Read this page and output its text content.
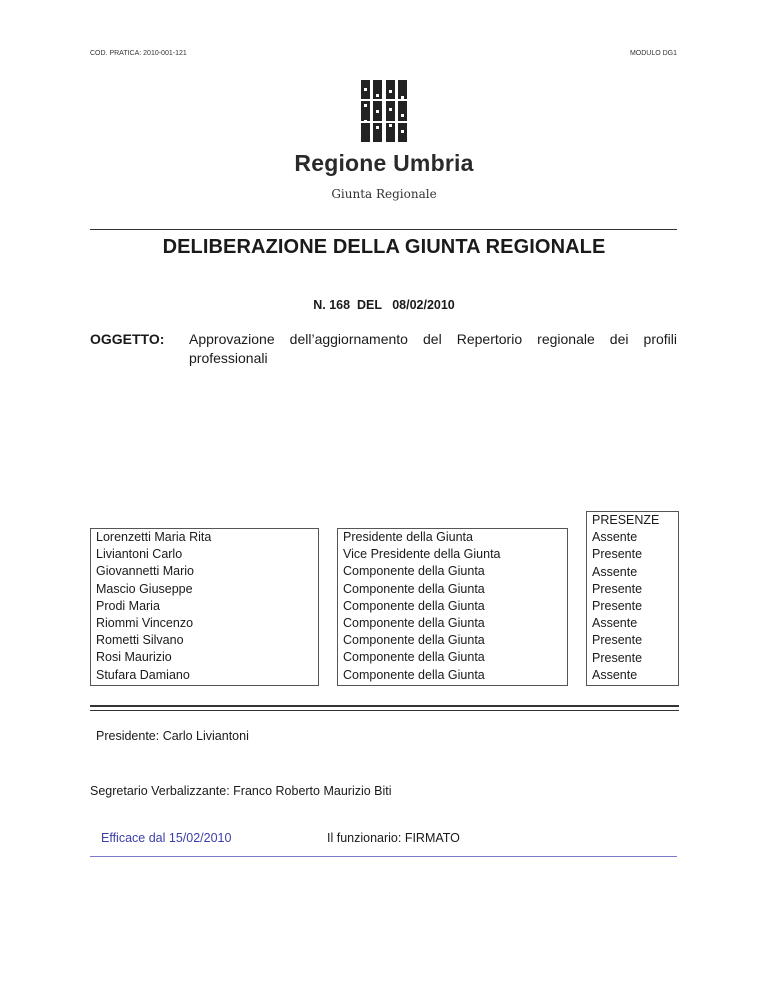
COD. PRATICA: 2010-001-121	MODULO DG1
Regione Umbria
Giunta Regionale
DELIBERAZIONE DELLA GIUNTA REGIONALE
N. 168  DEL   08/02/2010
OGGETTO: Approvazione dell’aggiornamento del Repertorio regionale dei profili
professionali
Lorenzetti Maria Rita
Liviantoni Carlo
Giovannetti Mario
Mascio Giuseppe
Prodi Maria
Riommi Vincenzo
Rometti Silvano
Rosi Maurizio
Stufara Damiano
Presidente della Giunta
Vice Presidente della Giunta
Componente della Giunta
Componente della Giunta
Componente della Giunta
Componente della Giunta
Componente della Giunta
Componente della Giunta
Componente della Giunta
PRESENZE
Assente
Presente
Assente
Presente
Presente
Assente
Presente
Presente
Assente
Presidente: Carlo Liviantoni
Segretario Verbalizzante: Franco Roberto Maurizio Biti
Efficace dal 15/02/2010	Il funzionario: FIRMATO
